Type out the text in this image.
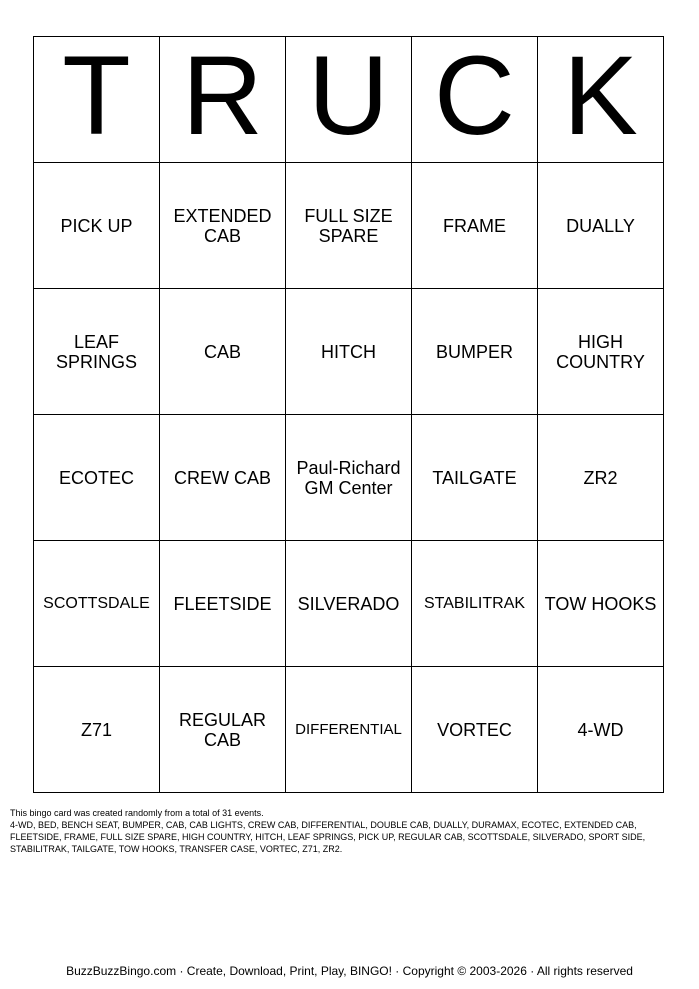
T	R	U	C	K

PICK UP	EXTENDED CAB	FULL SIZE SPARE	FRAME	DUALLY

LEAF SPRINGS	CAB	HITCH	BUMPER	HIGH COUNTRY

ECOTEC	CREW CAB	Paul-Richard GM Center	TAILGATE	ZR2

SCOTTSDALE	FLEETSIDE	SILVERADO	STABILITRAK	TOW HOOKS

Z71	REGULAR CAB	DIFFERENTIAL	VORTEC	4-WD
This bingo card was created randomly from a total of 31 events.
4-WD, BED, BENCH SEAT, BUMPER, CAB, CAB LIGHTS, CREW CAB, DIFFERENTIAL, DOUBLE CAB, DUALLY, DURAMAX, ECOTEC, EXTENDED CAB, FLEETSIDE, FRAME, FULL SIZE SPARE, HIGH COUNTRY, HITCH, LEAF SPRINGS, PICK UP, REGULAR CAB, SCOTTSDALE, SILVERADO, SPORT SIDE, STABILITRAK, TAILGATE, TOW HOOKS, TRANSFER CASE, VORTEC, Z71, ZR2.
BuzzBuzzBingo.com · Create, Download, Print, Play, BINGO! · Copyright © 2003-2026 · All rights reserved
